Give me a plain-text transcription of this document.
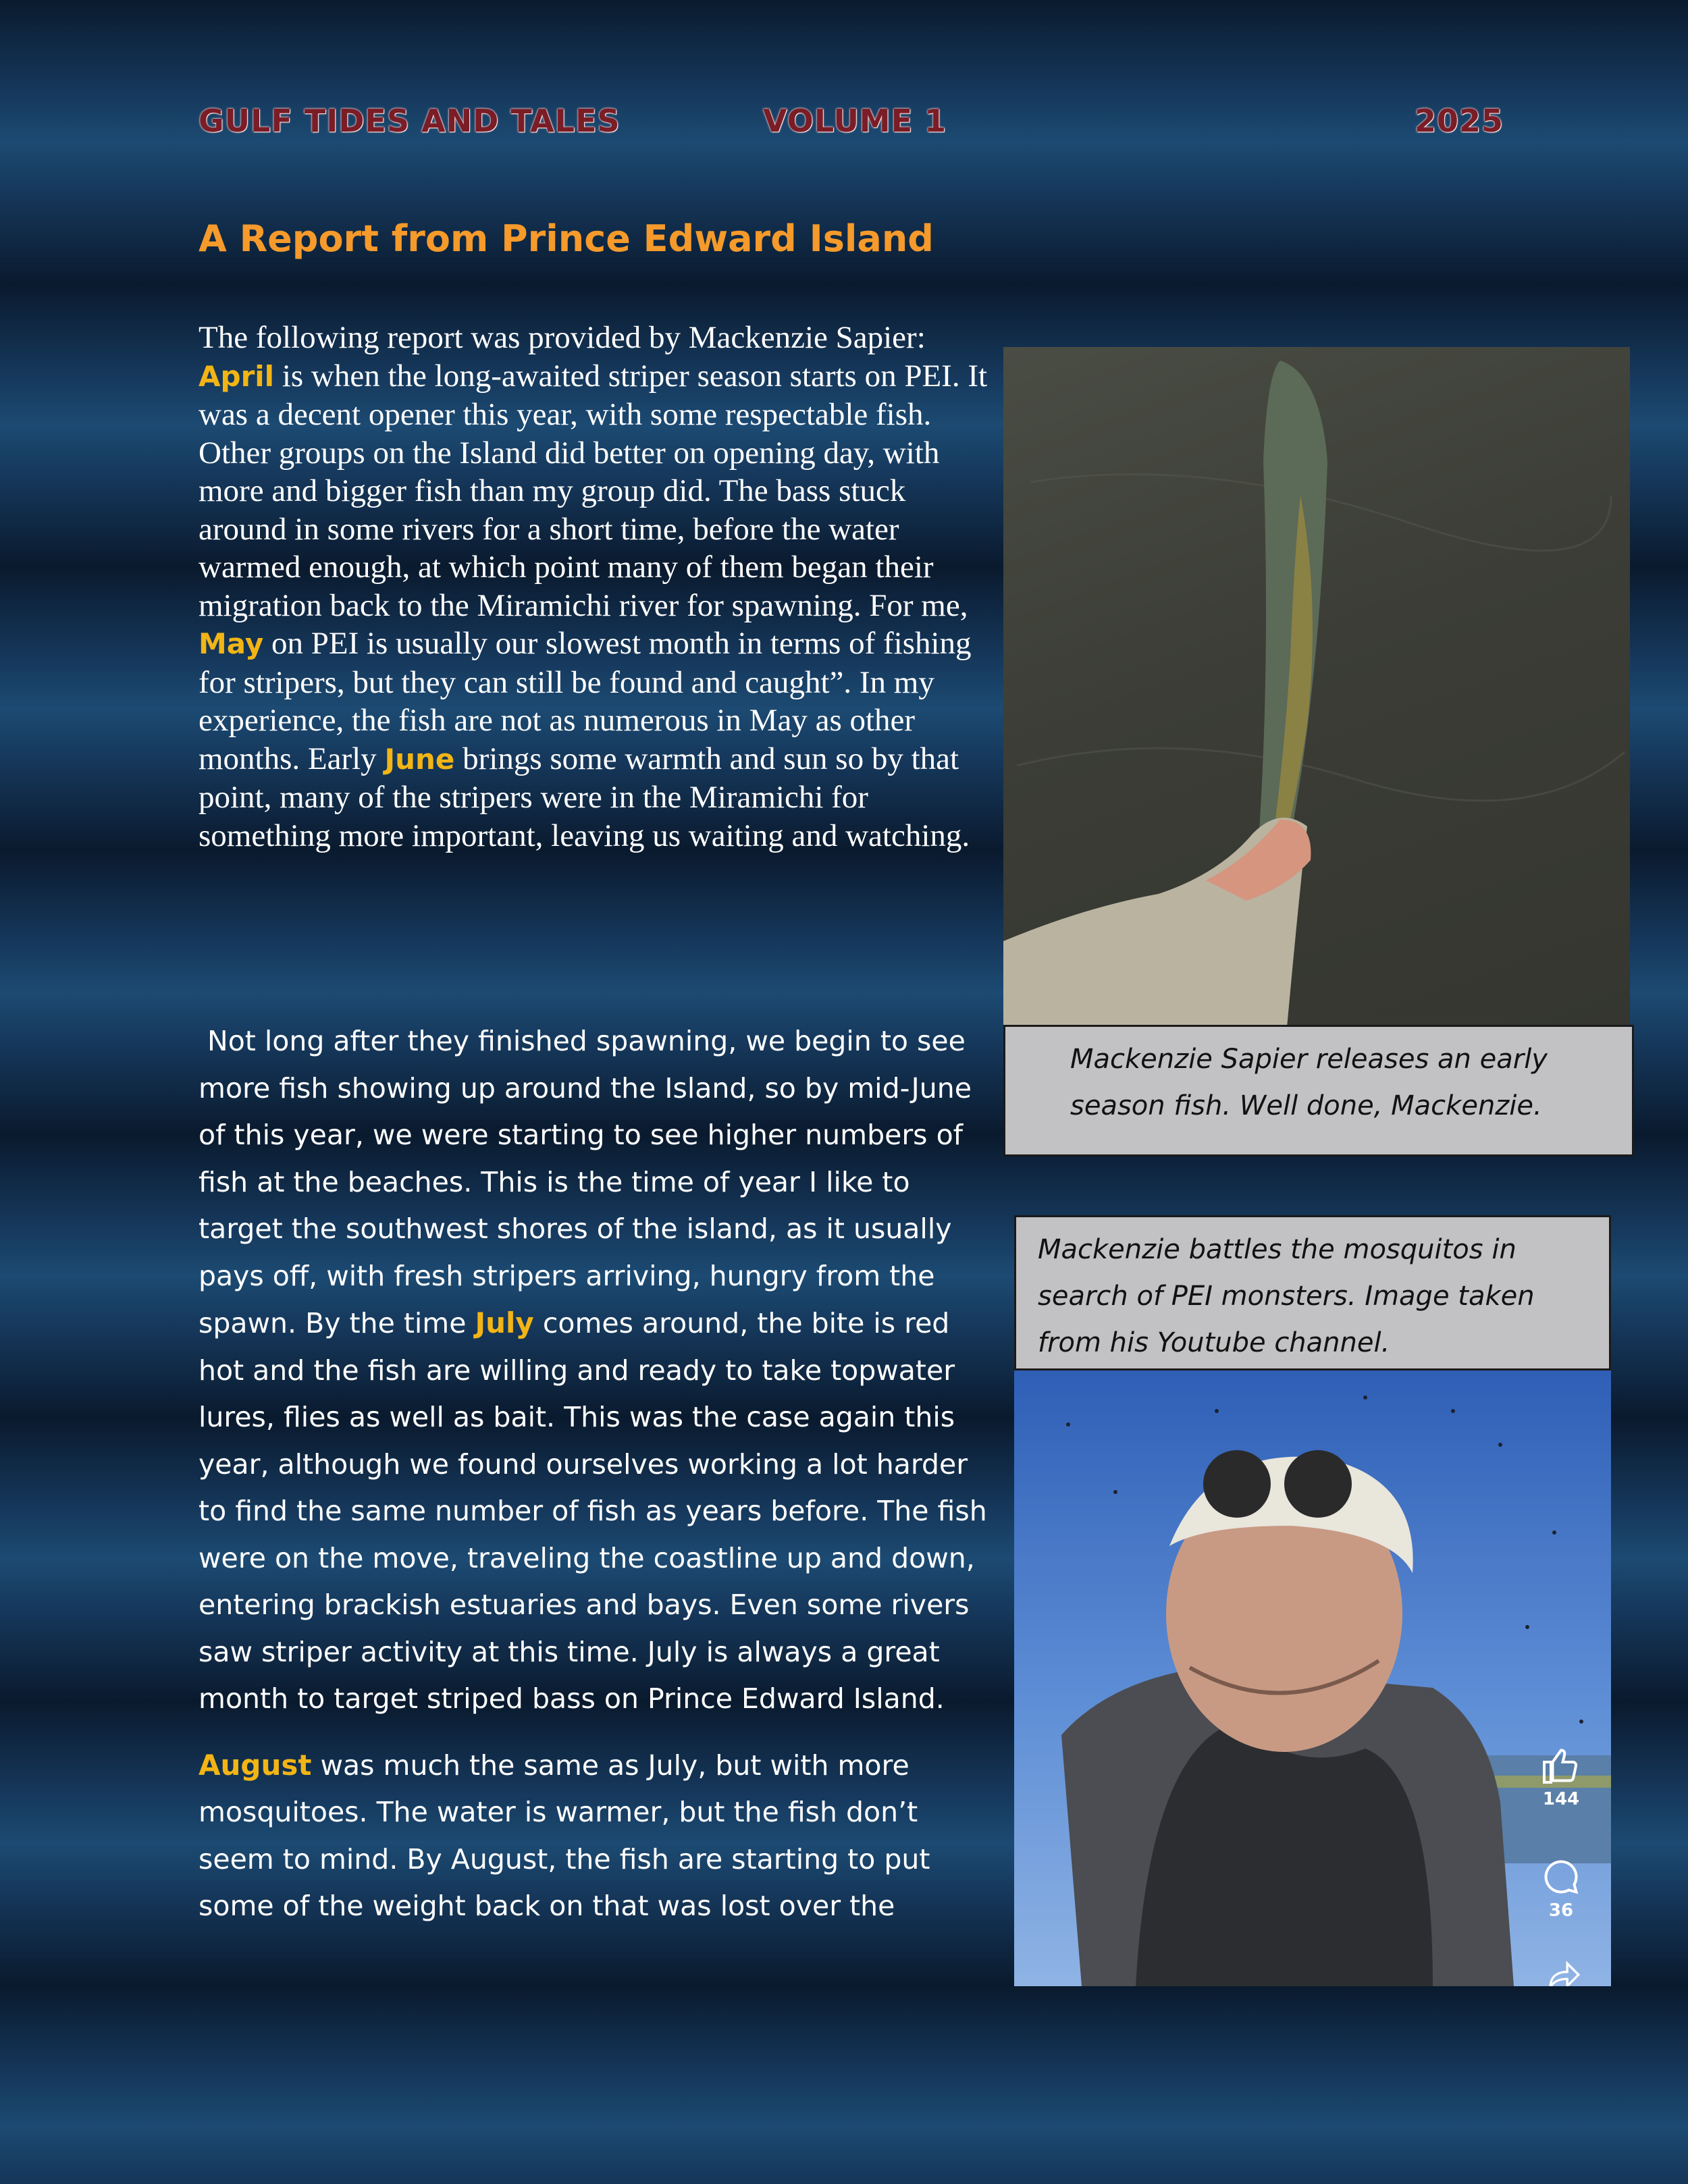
GULF TIDES AND TALES	VOLUME 1	2025
A Report from Prince Edward Island
The following report was provided by Mackenzie Sapier:
April is when the long-awaited striper season starts on PEI. It was a decent opener this year, with some respectable fish. Other groups on the Island did better on opening day, with more and bigger fish than my group did. The bass stuck around in some rivers for a short time, before the water warmed enough, at which point many of them began their migration back to the Miramichi river for spawning. For me, May on PEI is usually our slowest month in terms of fishing for stripers, but they can still be found and caught”. In my experience, the fish are not as numerous in May as other months. Early June brings some warmth and sun so by that point, many of the stripers were in the Miramichi for something more important, leaving us waiting and watching.

Not long after they finished spawning, we begin to see more fish showing up around the Island, so by mid-June of this year, we were starting to see higher numbers of fish at the beaches. This is the time of year I like to target the southwest shores of the island, as it usually pays off, with fresh stripers arriving, hungry from the spawn. By the time July comes around, the bite is red hot and the fish are willing and ready to take topwater lures, flies as well as bait. This was the case again this year, although we found ourselves working a lot harder to find the same number of fish as years before. The fish were on the move, traveling the coastline up and down, entering brackish estuaries and bays. Even some rivers saw striper activity at this time. July is always a great month to target striped bass on Prince Edward Island.

August was much the same as July, but with more mosquitoes. The water is warmer, but the fish don’t seem to mind. By August, the fish are starting to put some of the weight back on that was lost over the

Mackenzie Sapier releases an early season fish. Well done, Mackenzie.
Mackenzie battles the mosquitos in search of PEI monsters. Image taken from his Youtube channel.
144
36
